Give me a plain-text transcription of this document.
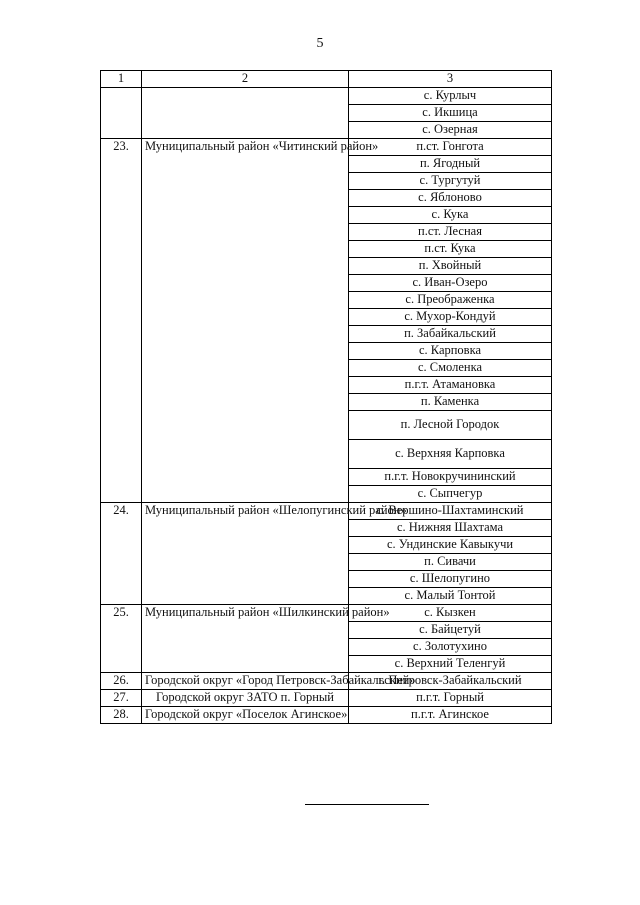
5
1	2	3
		с. Курлыч
		с. Икшица
		с. Озерная
23.	Муниципальный район «Читинский район»	п.ст. Гонгота
		п. Ягодный
		с. Тургутуй
		с. Яблоново
		с. Кука
		п.ст. Лесная
		п.ст. Кука
		п. Хвойный
		с. Иван-Озеро
		с. Преображенка
		с. Мухор-Кондуй
		п. Забайкальский
		с. Карповка
		с. Смоленка
		п.г.т. Атамановка
		п. Каменка
		п. Лесной Городок
		с. Верхняя Карповка
		п.г.т. Новокручининский
		с. Сыпчегур
24.	Муниципальный район «Шелопугинский район»	с. Вершино-Шахтаминский
		с. Нижняя Шахтама
		с. Ундинские Кавыкучи
		п. Сивачи
		с. Шелопугино
		с. Малый Тонтой
25.	Муниципальный район «Шилкинский район»	с. Кызкен
		с. Байцетуй
		с. Золотухино
		с. Верхний Теленгуй
26.	Городской округ «Город Петровск-Забайкальский»	г. Петровск-Забайкальский
27.	Городской округ ЗАТО п. Горный	п.г.т. Горный
28.	Городской округ «Поселок Агинское»	п.г.т. Агинское
